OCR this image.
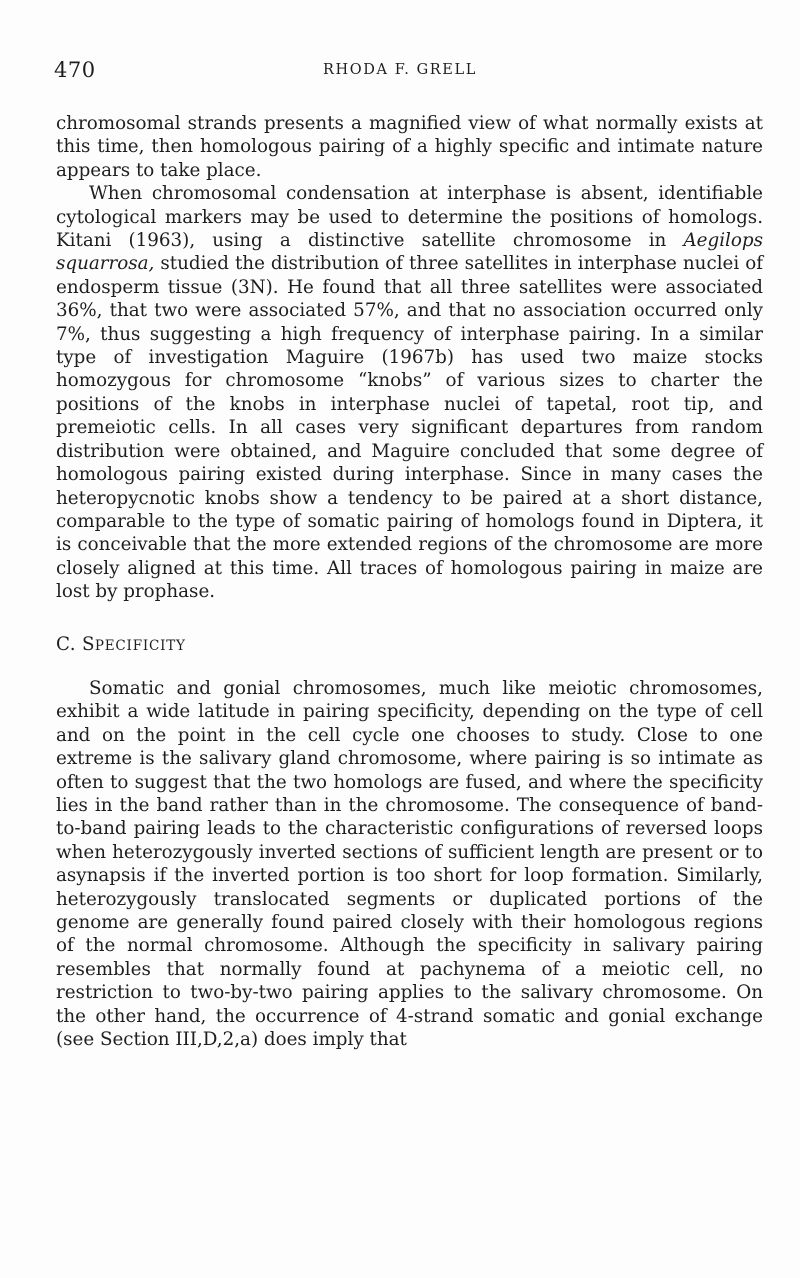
470	RHODA F. GRELL

chromosomal strands presents a magnified view of what normally exists at this time, then homologous pairing of a highly specific and intimate nature appears to take place.

When chromosomal condensation at interphase is absent, identifiable cytological markers may be used to determine the positions of homologs. Kitani (1963), using a distinctive satellite chromosome in Aegilops squarrosa, studied the distribution of three satellites in interphase nuclei of endosperm tissue (3N). He found that all three satellites were associated 36%, that two were associated 57%, and that no association occurred only 7%, thus suggesting a high frequency of interphase pairing. In a similar type of investigation Maguire (1967b) has used two maize stocks homozygous for chromosome “knobs” of various sizes to charter the positions of the knobs in interphase nuclei of tapetal, root tip, and premeiotic cells. In all cases very significant departures from random distribution were obtained, and Maguire concluded that some degree of homologous pairing existed during interphase. Since in many cases the heteropycnotic knobs show a tendency to be paired at a short distance, comparable to the type of somatic pairing of homologs found in Diptera, it is conceivable that the more extended regions of the chromosome are more closely aligned at this time. All traces of homologous pairing in maize are lost by prophase.

C. SPECIFICITY

Somatic and gonial chromosomes, much like meiotic chromosomes, exhibit a wide latitude in pairing specificity, depending on the type of cell and on the point in the cell cycle one chooses to study. Close to one extreme is the salivary gland chromosome, where pairing is so intimate as often to suggest that the two homologs are fused, and where the specificity lies in the band rather than in the chromosome. The consequence of band-to-band pairing leads to the characteristic configurations of reversed loops when heterozygously inverted sections of sufficient length are present or to asynapsis if the inverted portion is too short for loop formation. Similarly, heterozygously translocated segments or duplicated portions of the genome are generally found paired closely with their homologous regions of the normal chromosome. Although the specificity in salivary pairing resembles that normally found at pachynema of a meiotic cell, no restriction to two-by-two pairing applies to the salivary chromosome. On the other hand, the occurrence of 4-strand somatic and gonial exchange (see Section III,D,2,a) does imply that
